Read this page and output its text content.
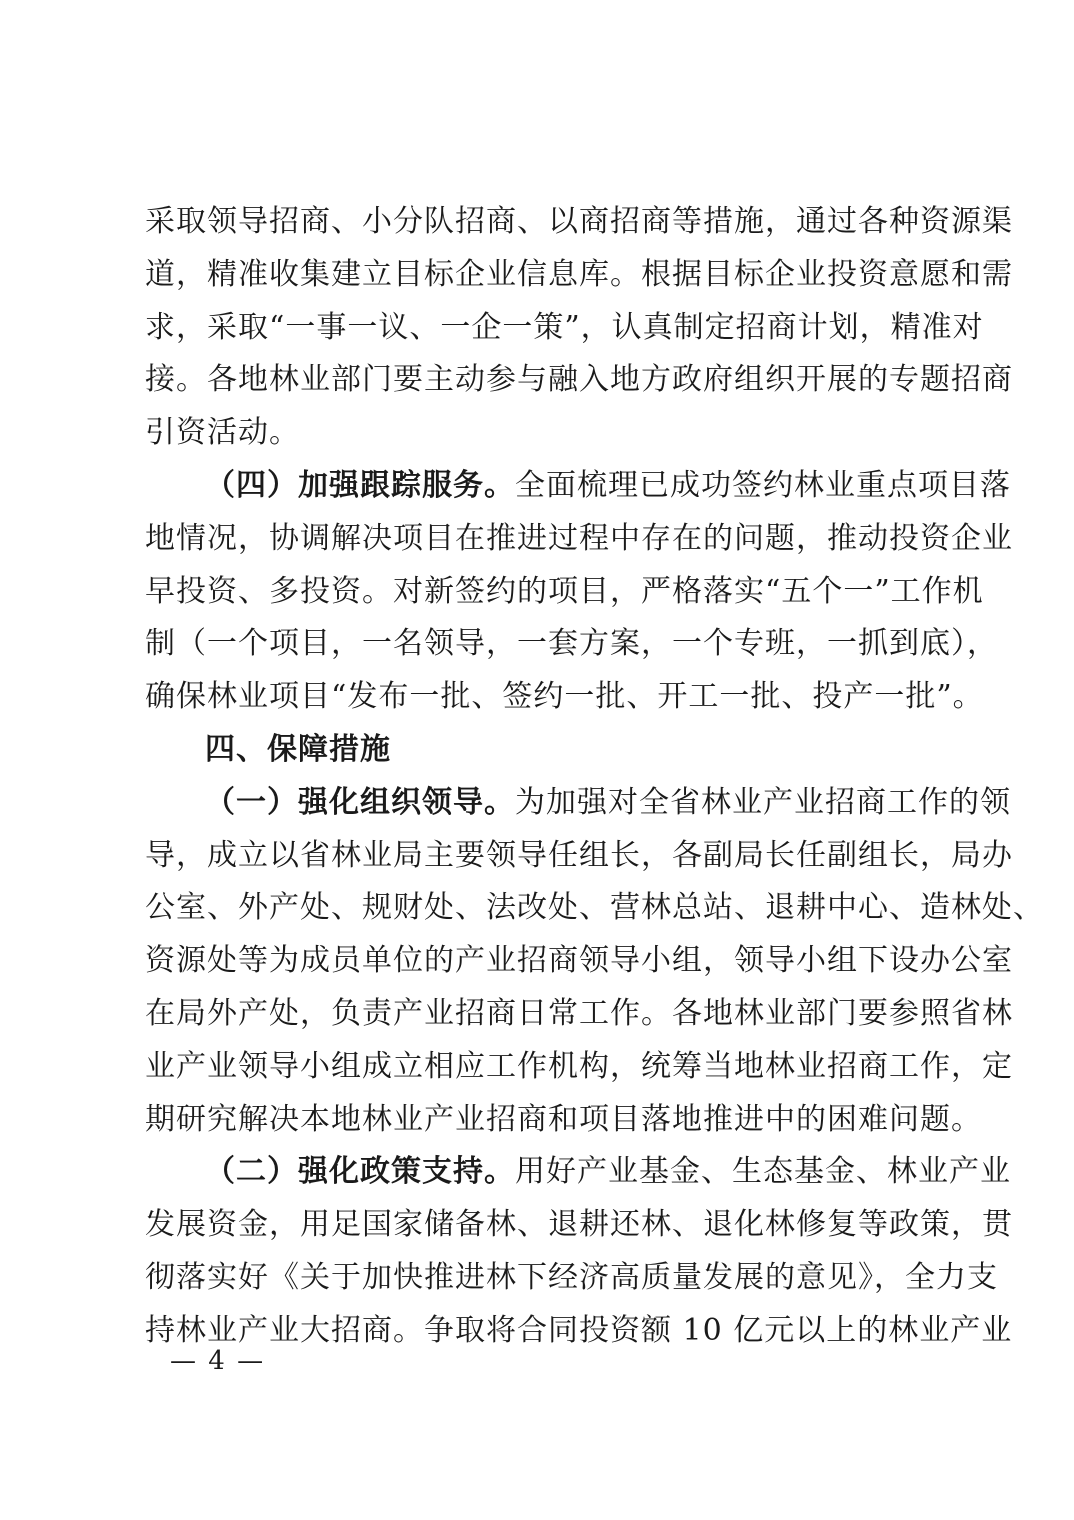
采取领导招商、小分队招商、以商招商等措施，通过各种资源渠
道，精准收集建立目标企业信息库。根据目标企业投资意愿和需
求，采取“一事一议、一企一策”，认真制定招商计划，精准对
接。各地林业部门要主动参与融入地方政府组织开展的专题招商
引资活动。
（四）加强跟踪服务。全面梳理已成功签约林业重点项目落
地情况，协调解决项目在推进过程中存在的问题，推动投资企业
早投资、多投资。对新签约的项目，严格落实“五个一”工作机
制（一个项目，一名领导，一套方案，一个专班，一抓到底），
确保林业项目“发布一批、签约一批、开工一批、投产一批”。
四、保障措施
（一）强化组织领导。为加强对全省林业产业招商工作的领
导，成立以省林业局主要领导任组长，各副局长任副组长，局办
公室、外产处、规财处、法改处、营林总站、退耕中心、造林处、
资源处等为成员单位的产业招商领导小组，领导小组下设办公室
在局外产处，负责产业招商日常工作。各地林业部门要参照省林
业产业领导小组成立相应工作机构，统筹当地林业招商工作，定
期研究解决本地林业产业招商和项目落地推进中的困难问题。
（二）强化政策支持。用好产业基金、生态基金、林业产业
发展资金，用足国家储备林、退耕还林、退化林修复等政策，贯
彻落实好《关于加快推进林下经济高质量发展的意见》，全力支
持林业产业大招商。争取将合同投资额 10 亿元以上的林业产业
— 4 —
